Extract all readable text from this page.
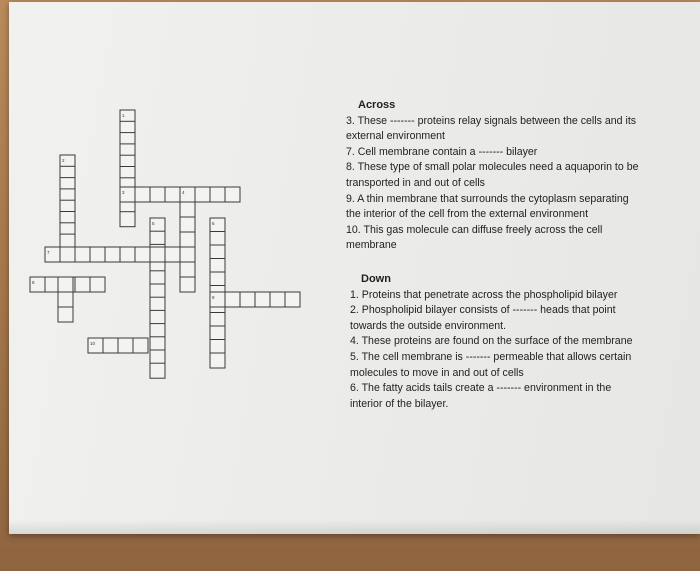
1
2
3	4
5	6
7
8
9
10
Across
3. These ------- proteins relay signals between the cells and its
external environment
7. Cell membrane contain a ------- bilayer
8. These type of small polar molecules need a aquaporin to be
transported in and out of cells
9. A thin membrane that surrounds the cytoplasm separating
the interior of the cell from the external environment
10. This gas molecule can diffuse freely across the cell
membrane
Down
1. Proteins that penetrate across the phospholipid bilayer
2. Phospholipid bilayer consists of ------- heads that point
towards the outside environment.
4. These proteins are found on the surface of the membrane
5. The cell membrane is ------- permeable that allows certain
molecules to move in and out of cells
6. The fatty acids tails create a ------- environment in the
interior of the bilayer.
